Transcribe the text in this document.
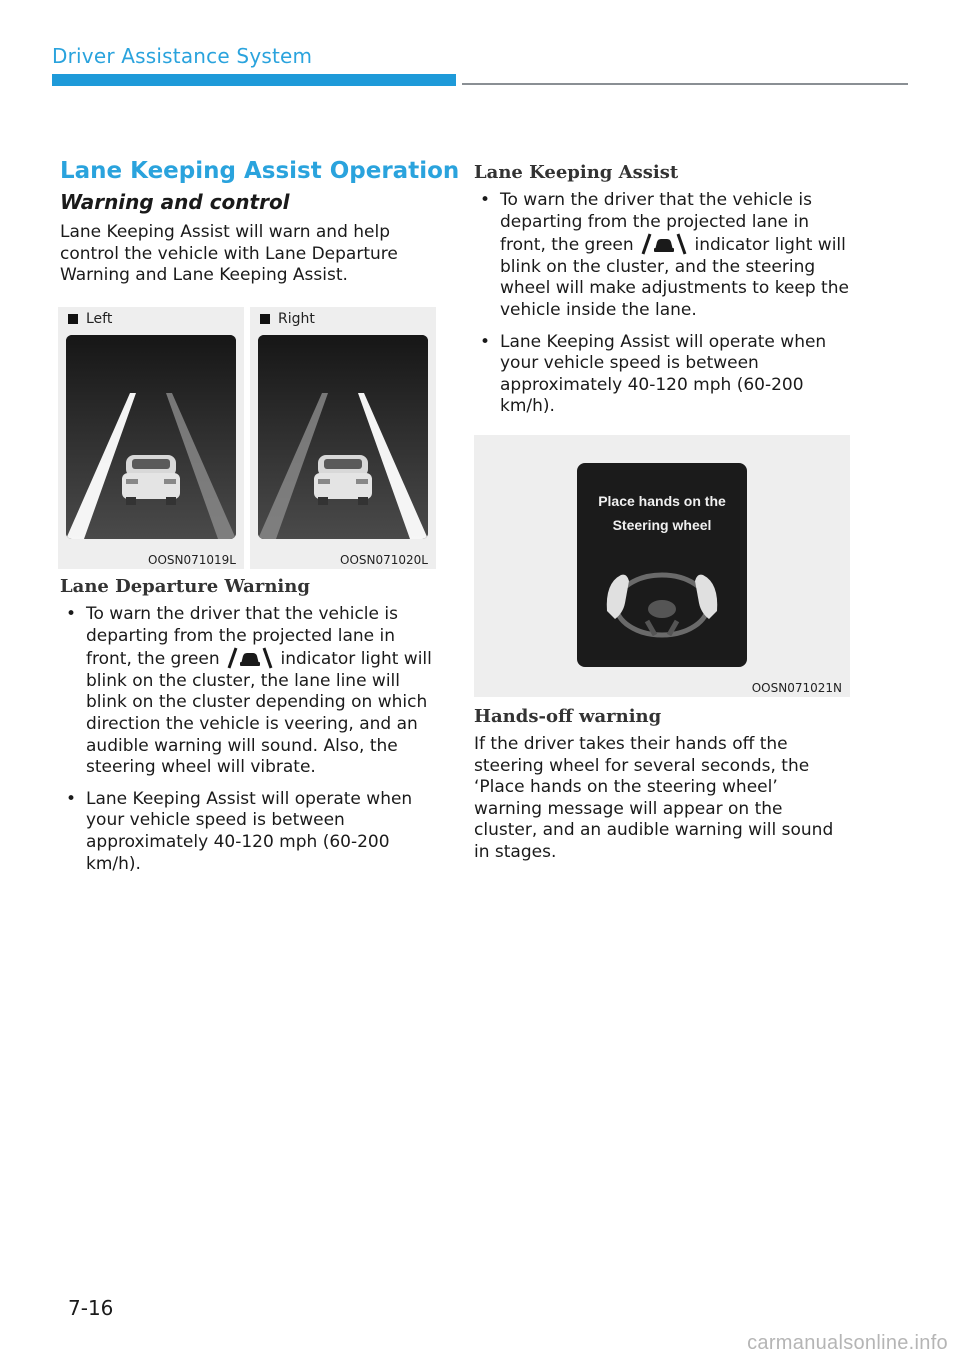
Driver Assistance System
Lane Keeping Assist Operation
Warning and control
Lane Keeping Assist will warn and help control the vehicle with Lane Departure Warning and Lane Keeping Assist.
Left
OOSN071019L
Right
OOSN071020L
Lane Departure Warning
• To warn the driver that the vehicle is departing from the projected lane in front, the green	indicator light will blink on the cluster, the lane line will blink on the cluster depending on which direction the vehicle is veering, and an audible warning will sound. Also, the steering wheel will vibrate.
• Lane Keeping Assist will operate when your vehicle speed is between approximately 40-120 mph (60-200 km/h).
Lane Keeping Assist
• To warn the driver that the vehicle is departing from the projected lane in front, the green	indicator light will blink on the cluster, and the steering wheel will make adjustments to keep the vehicle inside the lane.
• Lane Keeping Assist will operate when your vehicle speed is between approximately 40-120 mph (60-200 km/h).
Place hands on the
Steering wheel
OOSN071021N
Hands-off warning
If the driver takes their hands off the steering wheel for several seconds, the ‘Place hands on the steering wheel’ warning message will appear on the cluster, and an audible warning will sound in stages.
7-16
carmanualsonline.info
